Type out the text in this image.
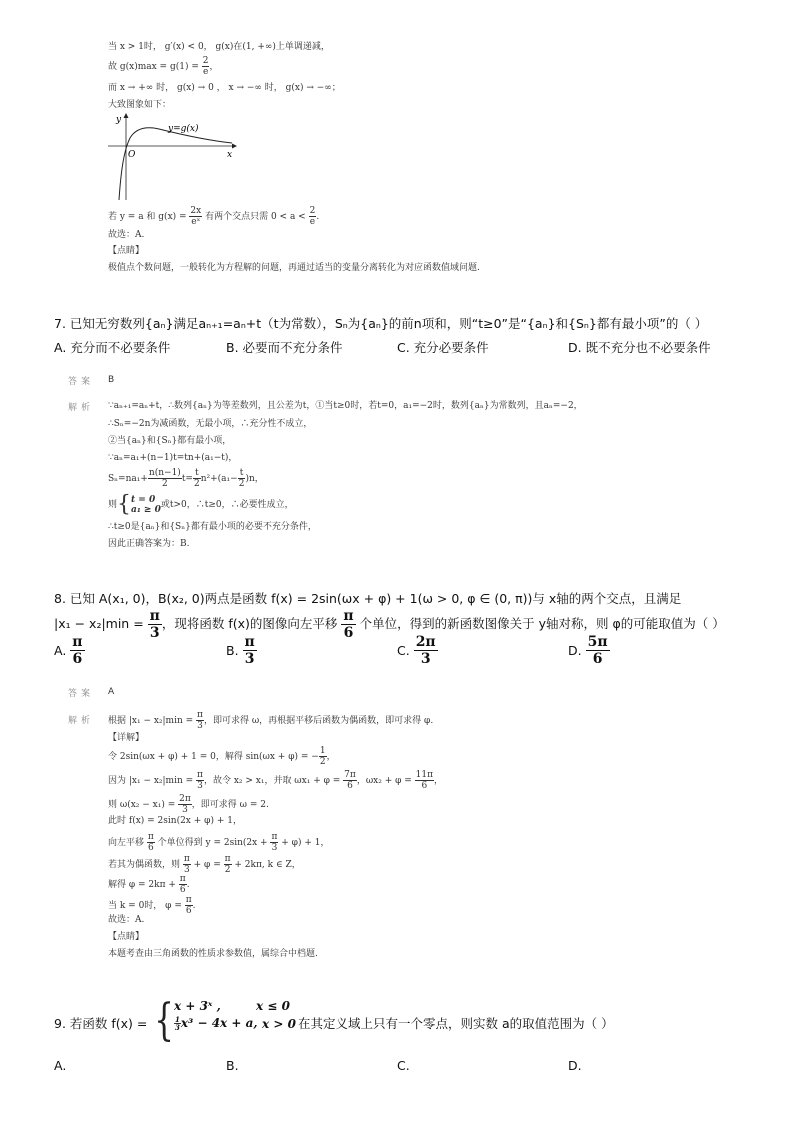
当 x > 1时， g′(x) < 0， g(x)在(1, +∞)上单调递减，
故 $g(x)\max = g(1) = \frac{2}{e}$ ，
而 x → +∞ 时， g(x) → 0 ， x → −∞ 时， g(x) → −∞；
大致图象如下：
y
x
O
y=g(x)
若 y = a 和 $g(x) = \frac{2x}{\text{eˣ}}$ 有两个交点只需 $0 < a < \frac{2}{e}$ .
故选：A.
【点睛】
极值点个数问题，一般转化为方程解的问题，再通过适当的变量分离转化为对应函数值域问题.
7. 已知无穷数列{aₙ}满足aₙ₊₁=aₙ+t（t为常数），Sₙ为{aₙ}的前n项和，则“t≥0”是“{aₙ}和{Sₙ}都有最小项”的（ ）
A. 充分而不必要条件	B. 必要而不充分条件	C. 充分必要条件	D. 既不充分也不必要条件
答案 B
解析 ∵aₙ₊₁=aₙ+t，∴数列{aₙ}为等差数列，且公差为t，①当t≥0时，若t=0，a₁=−2时，数列{aₙ}为常数列，且aₙ=−2，
∴Sₙ=−2n为减函数，无最小项，∴充分性不成立，
②当{aₙ}和{Sₙ}都有最小项，
∵aₙ=a₁+(n−1)t=tn+(a₁−t)，
$S_n=na_1+ \frac{n(n-1)}{2} t= \frac{t}{2} n^2+(a_1- \frac{t}{2} )n$，
则{ t = 0
a₁ ≥ 0 或t>0，∴t≥0，∴必要性成立，
∴t≥0是{aₙ}和{Sₙ}都有最小项的必要不充分条件，
因此正确答案为：B.
8. 已知 A(x₁, 0)，B(x₂, 0)两点是函数 f(x) = 2sin(ωx + φ) + 1(ω > 0, φ ∈ (0, π))与 x轴的两个交点，且满足
$|x_1 - x_2|\min = \frac{\pi}{3}$ ，现将函数 f(x)的图像向左平移 $\frac{\pi}{6}$ 个单位，得到的新函数图像关于 y轴对称，则 φ的可能取值为（ ）
A. $\frac{\pi}{6}$	B. $\frac{\pi}{3}$	C. $\frac{2\pi}{3}$	D. $\frac{5\pi}{6}$
答案 A
解析 根据 $|x_1 - x_2|\min = \frac{\pi}{3}$ ，即可求得 ω，再根据平移后函数为偶函数，即可求得 φ.
【详解】
令 2sin(ωx + φ) + 1 = 0，解得 sin(ωx + φ) = − $\frac{1}{2}$ ，
因为 $|x_1 - x_2|\min = \frac{\pi}{3}$ ，故令 x₂ > x₁，并取 $\omega x_1 + \varphi = \frac{7\pi}{6}$ ，$\omega x_2 + \varphi = \frac{11\pi}{6}$ ，
则 $\omega(x_2 - x_1) = \frac{2\pi}{3}$ ，即可求得 ω = 2.
此时 f(x) = 2sin(2x + φ) + 1，
向左平移 $\frac{\pi}{6}$ 个单位得到 $y = 2\sin(2x + \frac{\pi}{3} + \varphi) + 1$，
若其为偶函数，则 $\frac{\pi}{3} + \varphi = \frac{\pi}{2} + 2k\pi$, k ∈ Z，
解得 $\varphi = 2k\pi + \frac{\pi}{6}$ .
当 k = 0时， $\varphi = \frac{\pi}{6}$ .
故选：A.
【点睛】
本题考查由三角函数的性质求参数值，属综合中档题.
9. 若函数 f(x) = { x + 3ˣ ,	x ≤ 0
$\frac{1}{3} x^3 - 4x + a$, x > 0 在其定义域上只有一个零点，则实数 a的取值范围为（ ）
A.	B.	C.	D.
